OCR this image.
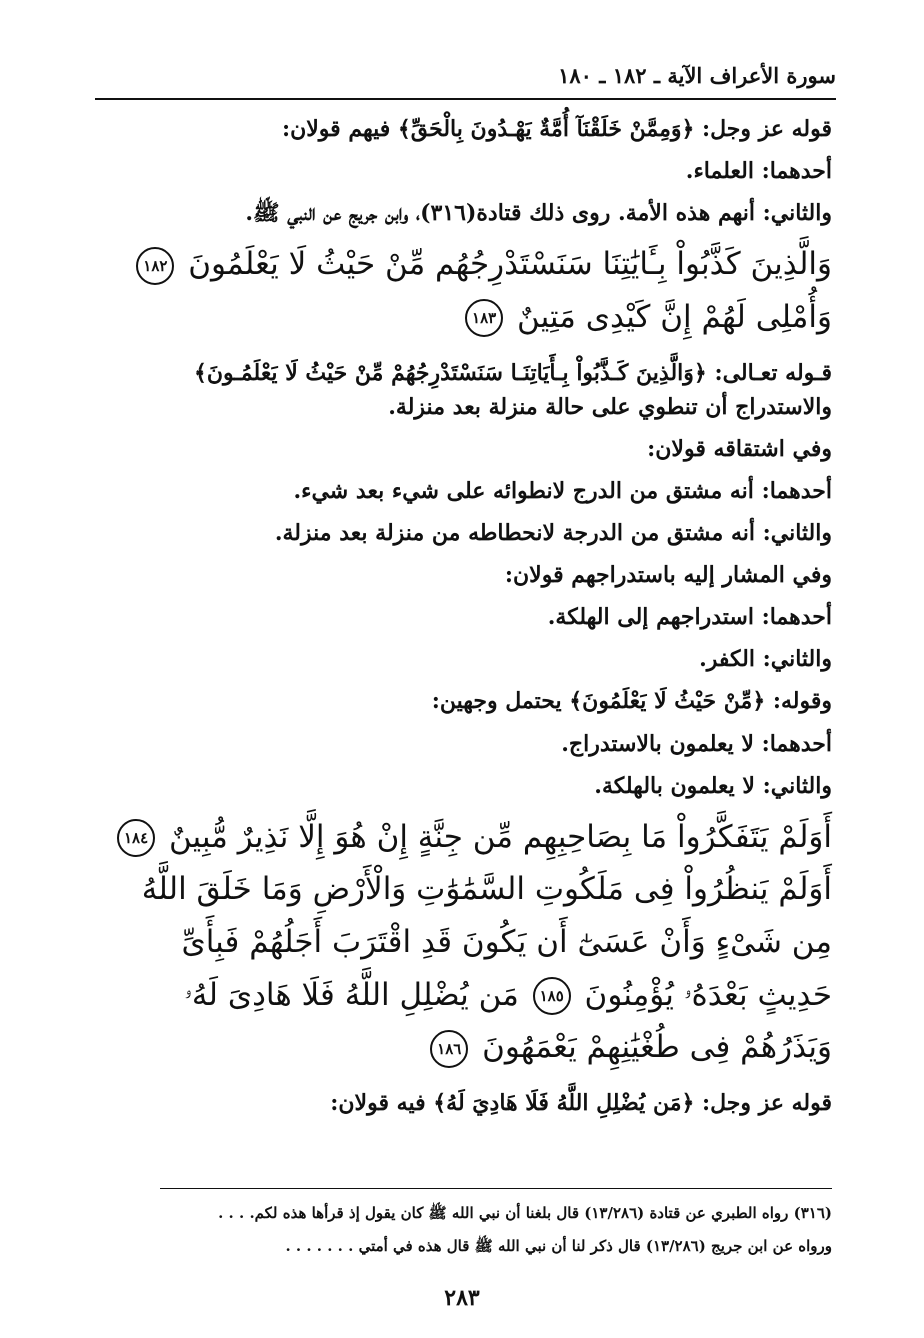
سورة الأعراف الآية ـ ١٨٢ ـ ١٨٠

قوله عز وجل: ﴿وَمِمَّنْ خَلَقْنَآ أُمَّةٌ يَهْـدُونَ بِالْحَقِّ﴾ فيهم قولان:

أحدهما: العلماء.

والثاني: أنهم هذه الأمة. روى ذلك قتادة(٣١٦)، وابن جريج عن النبي ﷺ.

وَالَّذِينَ كَذَّبُواْ بِـَٔايَٰتِنَا سَنَسْتَدْرِجُهُم مِّنْ حَيْثُ لَا يَعْلَمُونَ ١٨٢ وَأُمْلِى لَهُمْ إِنَّ كَيْدِى مَتِينٌ ١٨٣

قـوله تعـالى: ﴿وَالَّذِينَ كَـذَّبُواْ بِـأَيَاتِنَـا سَنَسْتَدْرِجُهُمْ مِّنْ حَيْثُ لَا يَعْلَمُـونَ﴾ والاستدراج أن تنطوي على حالة منزلة بعد منزلة.

وفي اشتقاقه قولان:

أحدهما: أنه مشتق من الدرج لانطوائه على شيء بعد شيء.

والثاني: أنه مشتق من الدرجة لانحطاطه من منزلة بعد منزلة.

وفي المشار إليه باستدراجهم قولان:

أحدهما: استدراجهم إلى الهلكة.

والثاني: الكفر.

وقوله: ﴿مِّنْ حَيْثُ لَا يَعْلَمُونَ﴾ يحتمل وجهين:

أحدهما: لا يعلمون بالاستدراج.

والثاني: لا يعلمون بالهلكة.

أَوَلَمْ يَتَفَكَّرُواْ مَا بِصَاحِبِهِم مِّن جِنَّةٍ إِنْ هُوَ إِلَّا نَذِيرٌ مُّبِينٌ ١٨٤ أَوَلَمْ يَنظُرُواْ فِى مَلَكُوتِ السَّمَٰوَٰتِ وَالْأَرْضِ وَمَا خَلَقَ اللَّهُ مِن شَىْءٍ وَأَنْ عَسَىٰٓ أَن يَكُونَ قَدِ اقْتَرَبَ أَجَلُهُمْ فَبِأَىِّ حَدِيثٍ بَعْدَهُۥ يُؤْمِنُونَ ١٨٥ مَن يُضْلِلِ اللَّهُ فَلَا هَادِىَ لَهُۥ وَيَذَرُهُمْ فِى طُغْيَٰنِهِمْ يَعْمَهُونَ ١٨٦

قوله عز وجل: ﴿مَن يُضْلِلِ اللَّهُ فَلَا هَادِيَ لَهُ﴾ فيه قولان:

(٣١٦) رواه الطبري عن قتادة (١٣/٢٨٦) قال بلغنا أن نبي الله ﷺ كان يقول إذ قرأها هذه لكم. . . .

ورواه عن ابن جريج (١٣/٢٨٦) قال ذكر لنا أن نبي الله ﷺ قال هذه في أمتي . . . . . . .

٢٨٣
